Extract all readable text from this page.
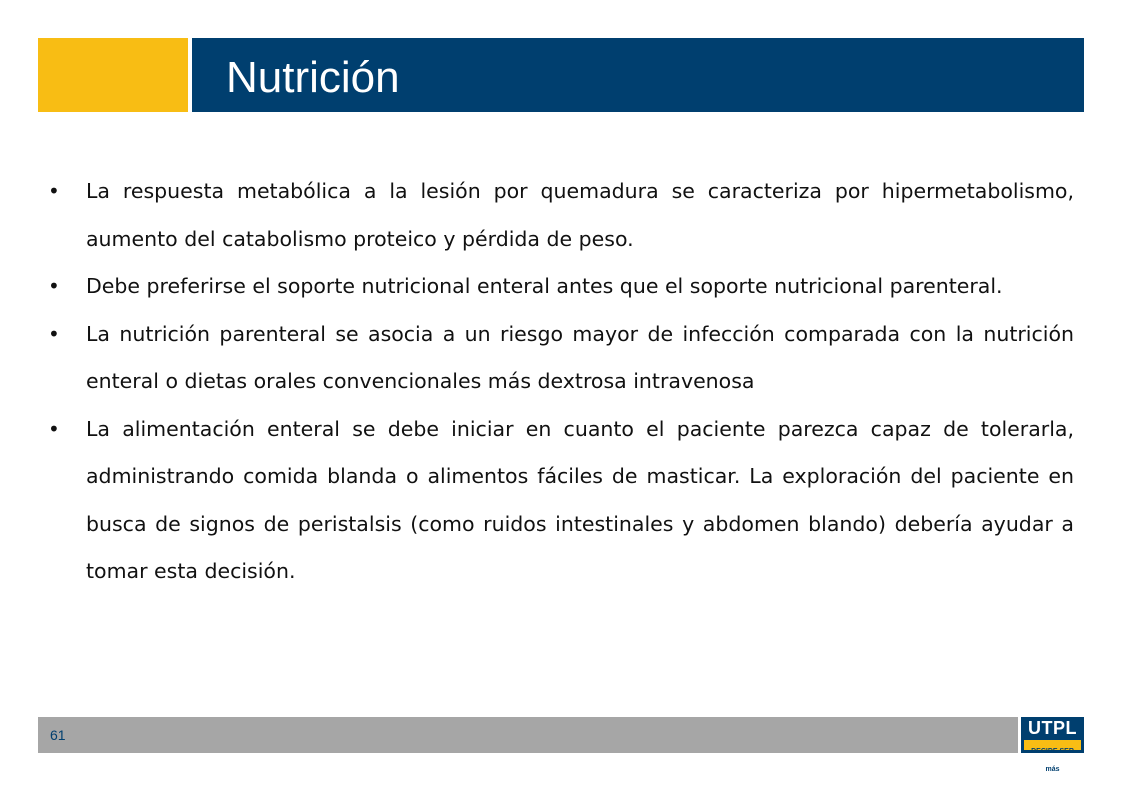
Nutrición
• La respuesta metabólica a la lesión por quemadura se caracteriza por hipermetabolismo, aumento del catabolismo proteico y pérdida de peso.
• Debe preferirse el soporte nutricional enteral antes que el soporte nutricional parenteral.
• La nutrición parenteral se asocia a un riesgo mayor de infección comparada con la nutrición enteral o dietas orales convencionales más dextrosa intravenosa
• La alimentación enteral se debe iniciar en cuanto el paciente parezca capaz de tolerarla, administrando comida blanda o alimentos fáciles de masticar. La exploración del paciente en busca de signos de peristalsis (como ruidos intestinales y abdomen blando) debería ayudar a tomar esta decisión.
61	UTPL
DECIDE SER más
